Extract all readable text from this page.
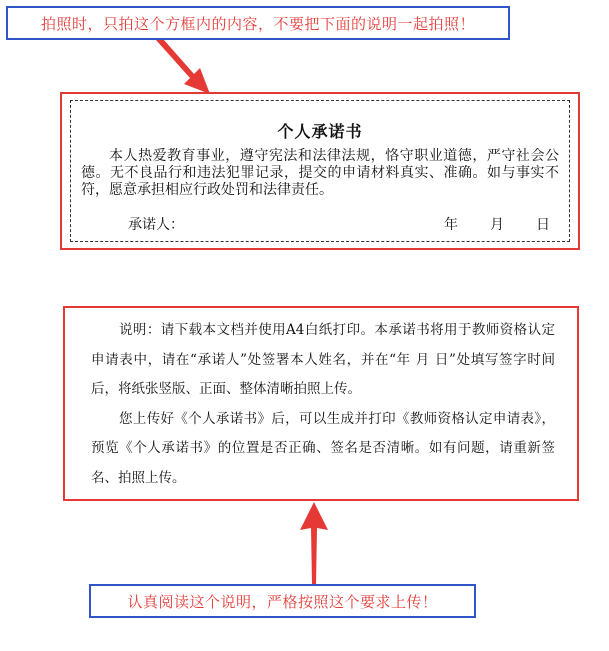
拍照时，只拍这个方框内的内容，不要把下面的说明一起拍照！
个人承诺书

本人热爱教育事业，遵守宪法和法律法规，恪守职业道德，严守社会公德。无不良品行和违法犯罪记录，提交的申请材料真实、准确。如与事实不符，愿意承担相应行政处罚和法律责任。

承诺人：	年	月	日

说明：请下载本文档并使用A4白纸打印。本承诺书将用于教师资格认定申请表中，请在“承诺人”处签署本人姓名，并在“年 月 日”处填写签字时间后，将纸张竖版、正面、整体清晰拍照上传。

您上传好《个人承诺书》后，可以生成并打印《教师资格认定申请表》，预览《个人承诺书》的位置是否正确、签名是否清晰。如有问题，请重新签名、拍照上传。

认真阅读这个说明，严格按照这个要求上传！
